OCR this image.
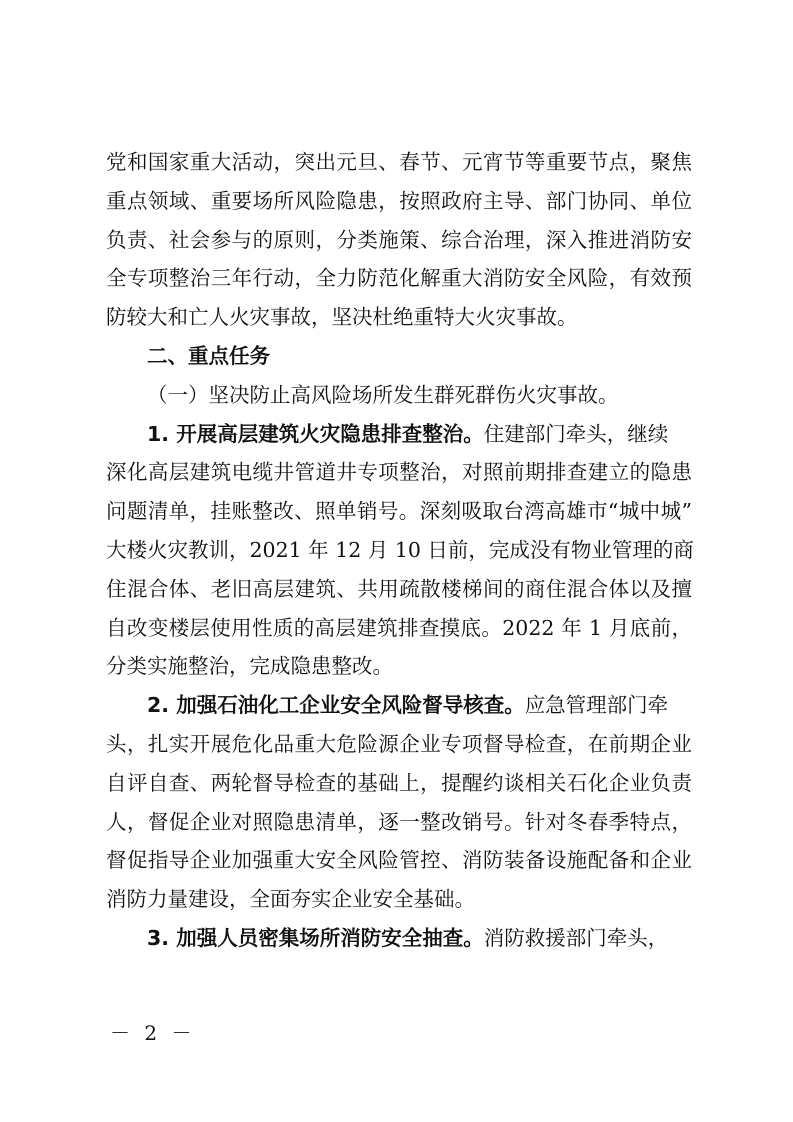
党和国家重大活动，突出元旦、春节、元宵节等重要节点，聚焦
重点领域、重要场所风险隐患，按照政府主导、部门协同、单位
负责、社会参与的原则，分类施策、综合治理，深入推进消防安
全专项整治三年行动，全力防范化解重大消防安全风险，有效预
防较大和亡人火灾事故，坚决杜绝重特大火灾事故。
二、重点任务
（一）坚决防止高风险场所发生群死群伤火灾事故。
1. 开展高层建筑火灾隐患排查整治。住建部门牵头，继续
深化高层建筑电缆井管道井专项整治，对照前期排查建立的隐患
问题清单，挂账整改、照单销号。深刻吸取台湾高雄市“城中城”
大楼火灾教训，2021 年 12 月 10 日前，完成没有物业管理的商
住混合体、老旧高层建筑、共用疏散楼梯间的商住混合体以及擅
自改变楼层使用性质的高层建筑排查摸底。2022 年 1 月底前，
分类实施整治，完成隐患整改。
2. 加强石油化工企业安全风险督导核查。应急管理部门牵
头，扎实开展危化品重大危险源企业专项督导检查，在前期企业
自评自查、两轮督导检查的基础上，提醒约谈相关石化企业负责
人，督促企业对照隐患清单，逐一整改销号。针对冬春季特点，
督促指导企业加强重大安全风险管控、消防装备设施配备和企业
消防力量建设，全面夯实企业安全基础。
3. 加强人员密集场所消防安全抽查。消防救援部门牵头，
－ 2 －
